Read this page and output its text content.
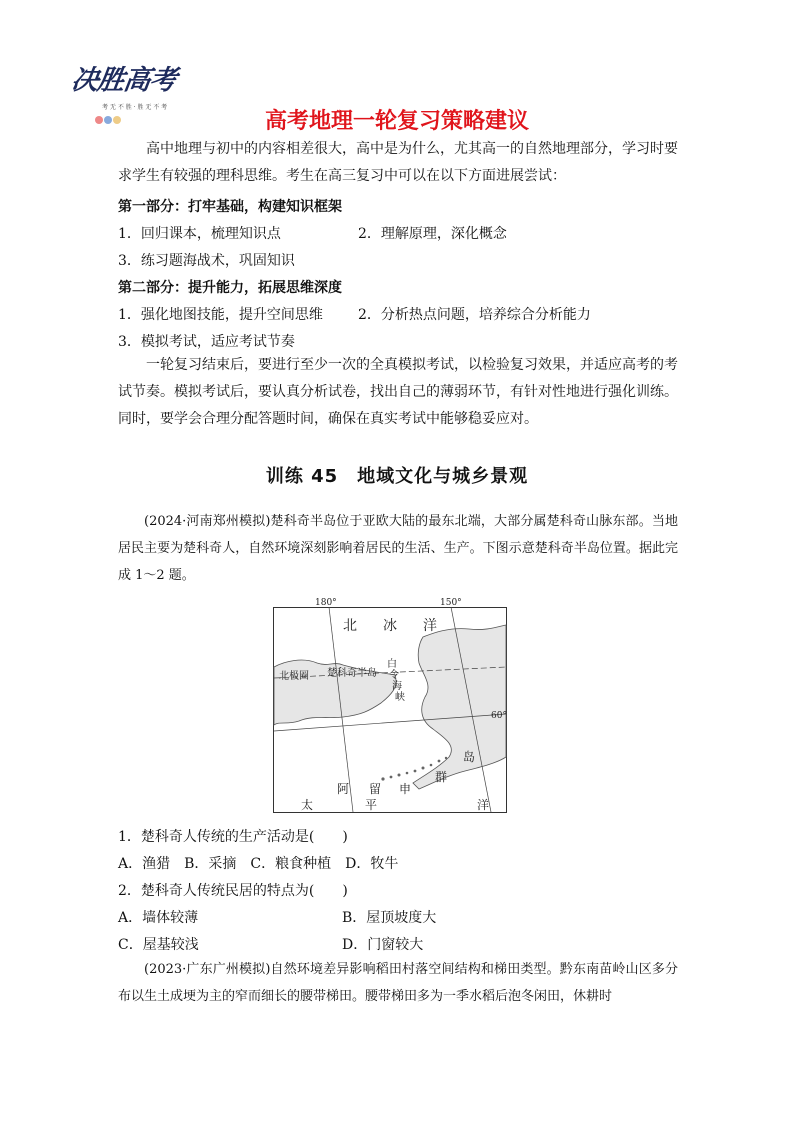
决胜高考
考 无 不 胜 · 胜 无 不 考
高考地理一轮复习策略建议
高中地理与初中的内容相差很大，高中是为什么，尤其高一的自然地理部分，学习时要求学生有较强的理科思维。考生在高三复习中可以在以下方面进展尝试：
第一部分：打牢基础，构建知识框架
1．回归课本，梳理知识点	2．理解原理，深化概念
3．练习题海战术，巩固知识
第二部分：提升能力，拓展思维深度
1．强化地图技能，提升空间思维	2．分析热点问题，培养综合分析能力
3．模拟考试，适应考试节奏
一轮复习结束后，要进行至少一次的全真模拟考试，以检验复习效果，并适应高考的考试节奏。模拟考试后，要认真分析试卷，找出自己的薄弱环节，有针对性地进行强化训练。同时，要学会合理分配答题时间，确保在真实考试中能够稳妥应对。
训练 45　地域文化与城乡景观
(2024·河南郑州模拟)楚科奇半岛位于亚欧大陆的最东北端，大部分属楚科奇山脉东部。当地居民主要为楚科奇人，自然环境深刻影响着居民的生活、生产。下图示意楚科奇半岛位置。据此完成 1～2 题。
180°	150°
60°
北 冰 洋
北极圈 楚科奇半岛
白
令
海
峡
阿 留 申
群
岛
太	平	洋
1．楚科奇人传统的生产活动是(　　)
A．渔猎　B．采摘　C．粮食种植　D．牧牛
2．楚科奇人传统民居的特点为(　　)
A．墙体较薄	B．屋顶坡度大
C．屋基较浅	D．门窗较大
(2023·广东广州模拟)自然环境差异影响稻田村落空间结构和梯田类型。黔东南苗岭山区多分布以生土成埂为主的窄而细长的腰带梯田。腰带梯田多为一季水稻后泡冬闲田，休耕时
